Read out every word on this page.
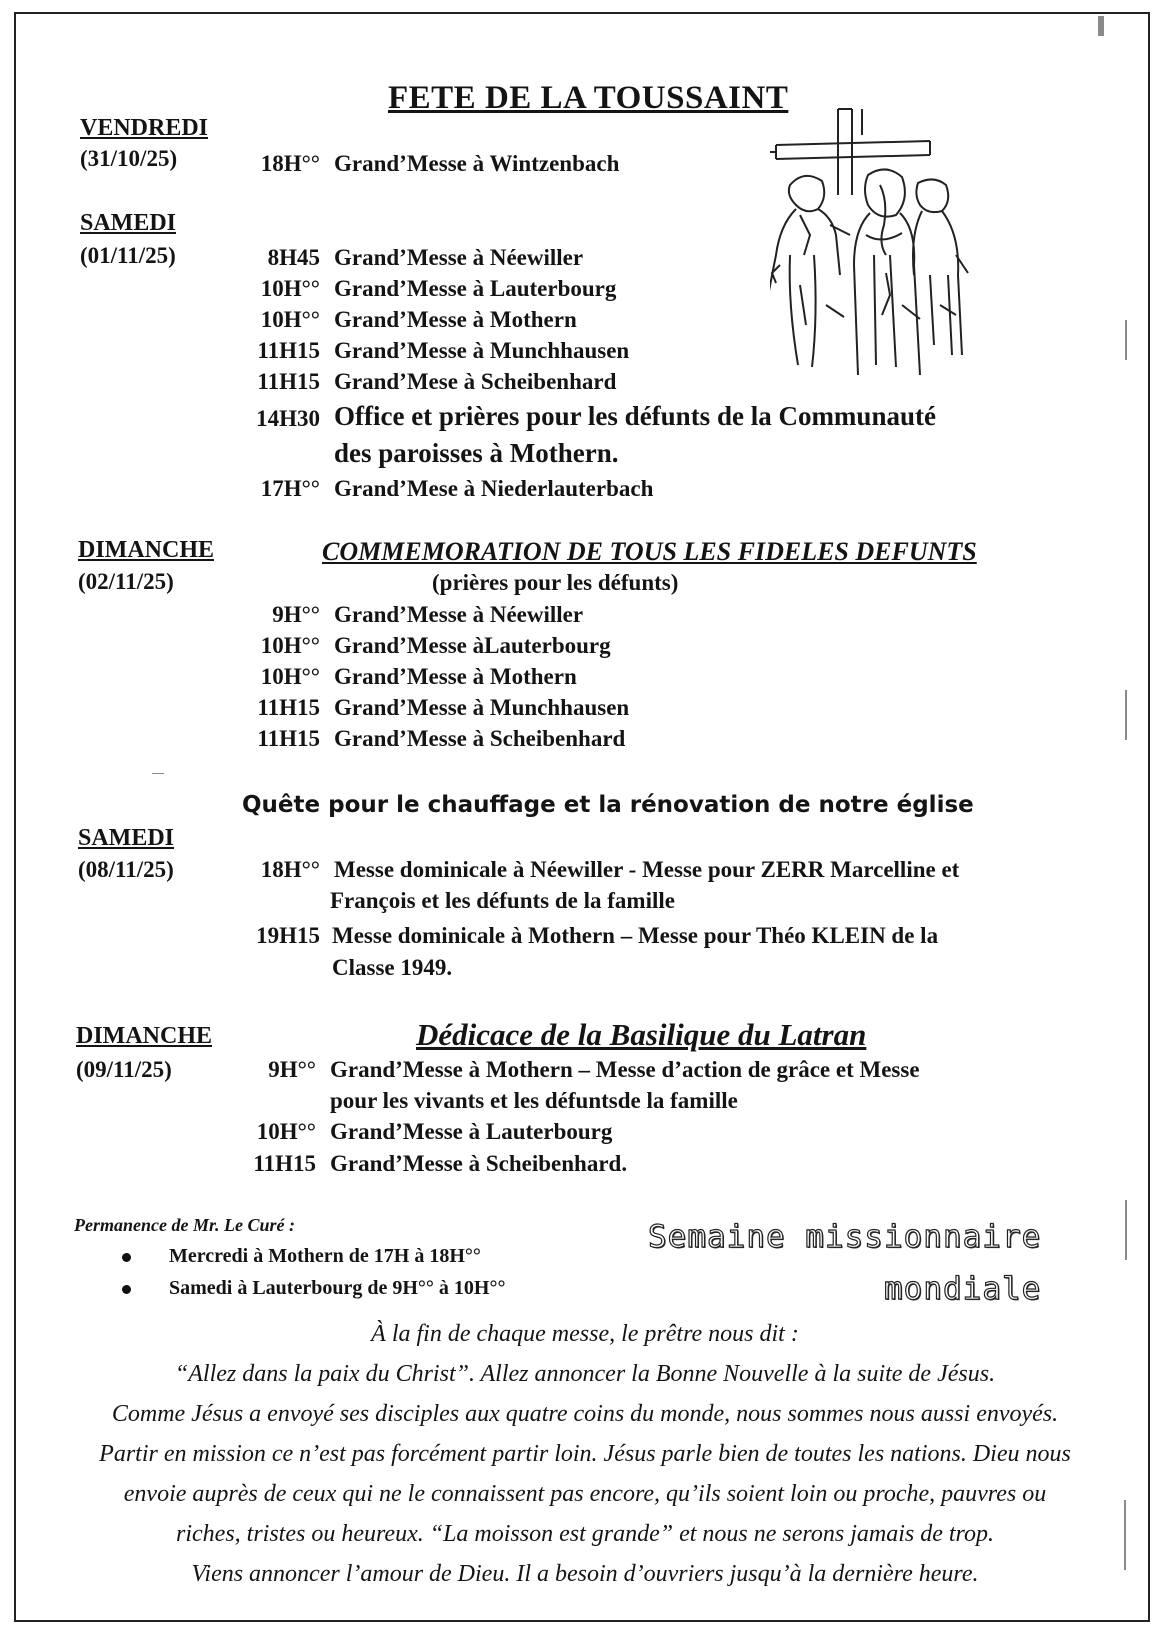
FETE DE LA TOUSSAINT
VENDREDI
(31/10/25)	18H°° Grand’Messe à Wintzenbach
SAMEDI
(01/11/25)	8H45 Grand’Messe à Néewiller
10H°° Grand’Messe à Lauterbourg
10H°° Grand’Messe à Mothern
11H15 Grand’Messe à Munchhausen
11H15 Grand’Mese à Scheibenhard
14H30 Office et prières pour les défunts de la Communauté
des paroisses à Mothern.
17H°° Grand’Mese à Niederlauterbach
DIMANCHE
(02/11/25)
COMMEMORATION DE TOUS LES FIDELES DEFUNTS
(prières pour les défunts)
9H°° Grand’Messe à Néewiller
10H°° Grand’Messe àLauterbourg
10H°° Grand’Messe à Mothern
11H15 Grand’Messe à Munchhausen
11H15 Grand’Messe à Scheibenhard
Quête pour le chauffage et la rénovation de notre église
SAMEDI
(08/11/25)	18H°° Messe dominicale à Néewiller - Messe pour ZERR Marcelline et
François et les défunts de la famille
19H15 Messe dominicale à Mothern – Messe pour Théo KLEIN de la
Classe 1949.
DIMANCHE
(09/11/25)
Dédicace de la Basilique du Latran
9H°° Grand’Messe à Mothern – Messe d’action de grâce et Messe
pour les vivants et les défuntsde la famille
10H°° Grand’Messe à Lauterbourg
11H15 Grand’Messe à Scheibenhard.
Permanence de Mr. Le Curé :
Mercredi à Mothern de 17H à 18H°°
Samedi à Lauterbourg de 9H°° à 10H°°
Semaine missionnaire
mondiale
À la fin de chaque messe, le prêtre nous dit :
“Allez dans la paix du Christ”. Allez annoncer la Bonne Nouvelle à la suite de Jésus.
Comme Jésus a envoyé ses disciples aux quatre coins du monde, nous sommes nous aussi envoyés.
Partir en mission ce n’est pas forcément partir loin. Jésus parle bien de toutes les nations. Dieu nous
envoie auprès de ceux qui ne le connaissent pas encore, qu’ils soient loin ou proche, pauvres ou
riches, tristes ou heureux. “La moisson est grande” et nous ne serons jamais de trop.
Viens annoncer l’amour de Dieu. Il a besoin d’ouvriers jusqu’à la dernière heure.
